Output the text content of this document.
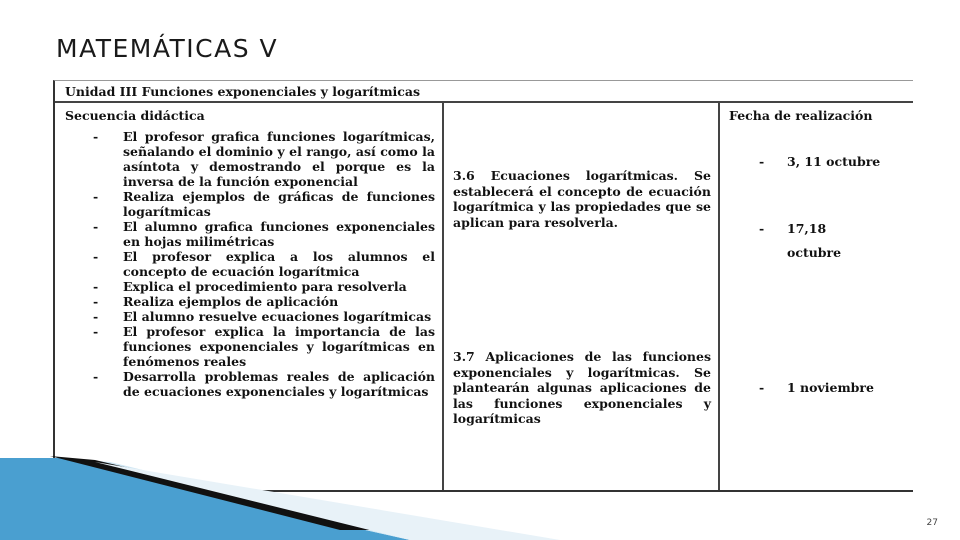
MATEMÁTICAS V
Unidad III Funciones exponenciales y logarítmicas
Secuencia didáctica	Fecha de realización
- El profesor grafica funciones logarítmicas, señalando el dominio y el rango, así como la asíntota y demostrando el porque es la inversa de la función exponencial
- Realiza ejemplos de gráficas de funciones logarítmicas
- El alumno grafica funciones exponenciales en hojas milimétricas
- El profesor explica a los alumnos el concepto de ecuación logarítmica
- Explica el procedimiento para resolverla
- Realiza ejemplos de aplicación
- El alumno resuelve ecuaciones logarítmicas
- El profesor explica la importancia de las funciones exponenciales y logarítmicas en fenómenos reales
- Desarrolla problemas reales de aplicación de ecuaciones exponenciales y logarítmicas
3.6 Ecuaciones logarítmicas. Se establecerá el concepto de ecuación logarítmica y las propiedades que se aplican para resolverla.
3.7 Aplicaciones de las funciones exponenciales y logarítmicas. Se plantearán algunas aplicaciones de las funciones exponenciales y logarítmicas
- 3, 11 octubre
- 17,18
octubre
- 1 noviembre
27
